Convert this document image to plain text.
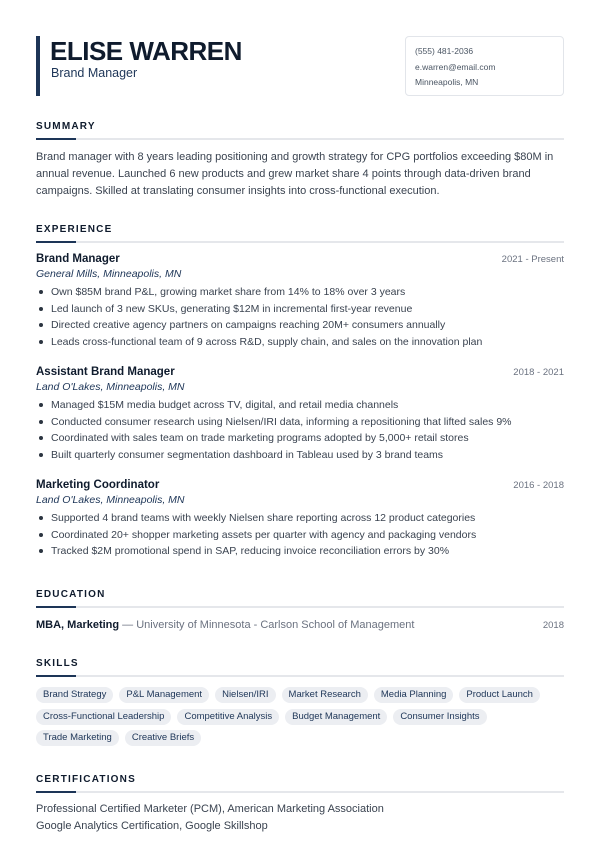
ELISE WARREN
Brand Manager
(555) 481-2036
e.warren@email.com
Minneapolis, MN
SUMMARY
Brand manager with 8 years leading positioning and growth strategy for CPG portfolios exceeding $80M in annual revenue. Launched 6 new products and grew market share 4 points through data-driven brand campaigns. Skilled at translating consumer insights into cross-functional execution.
EXPERIENCE
Brand Manager	2021 - Present
General Mills, Minneapolis, MN
Own $85M brand P&L, growing market share from 14% to 18% over 3 years
Led launch of 3 new SKUs, generating $12M in incremental first-year revenue
Directed creative agency partners on campaigns reaching 20M+ consumers annually
Leads cross-functional team of 9 across R&D, supply chain, and sales on the innovation plan
Assistant Brand Manager	2018 - 2021
Land O'Lakes, Minneapolis, MN
Managed $15M media budget across TV, digital, and retail media channels
Conducted consumer research using Nielsen/IRI data, informing a repositioning that lifted sales 9%
Coordinated with sales team on trade marketing programs adopted by 5,000+ retail stores
Built quarterly consumer segmentation dashboard in Tableau used by 3 brand teams
Marketing Coordinator	2016 - 2018
Land O'Lakes, Minneapolis, MN
Supported 4 brand teams with weekly Nielsen share reporting across 12 product categories
Coordinated 20+ shopper marketing assets per quarter with agency and packaging vendors
Tracked $2M promotional spend in SAP, reducing invoice reconciliation errors by 30%
EDUCATION
MBA, Marketing — University of Minnesota - Carlson School of Management	2018
SKILLS
Brand Strategy	P&L Management	Nielsen/IRI	Market Research	Media Planning	Product Launch
Cross-Functional Leadership	Competitive Analysis	Budget Management	Consumer Insights
Trade Marketing	Creative Briefs
CERTIFICATIONS
Professional Certified Marketer (PCM), American Marketing Association
Google Analytics Certification, Google Skillshop
